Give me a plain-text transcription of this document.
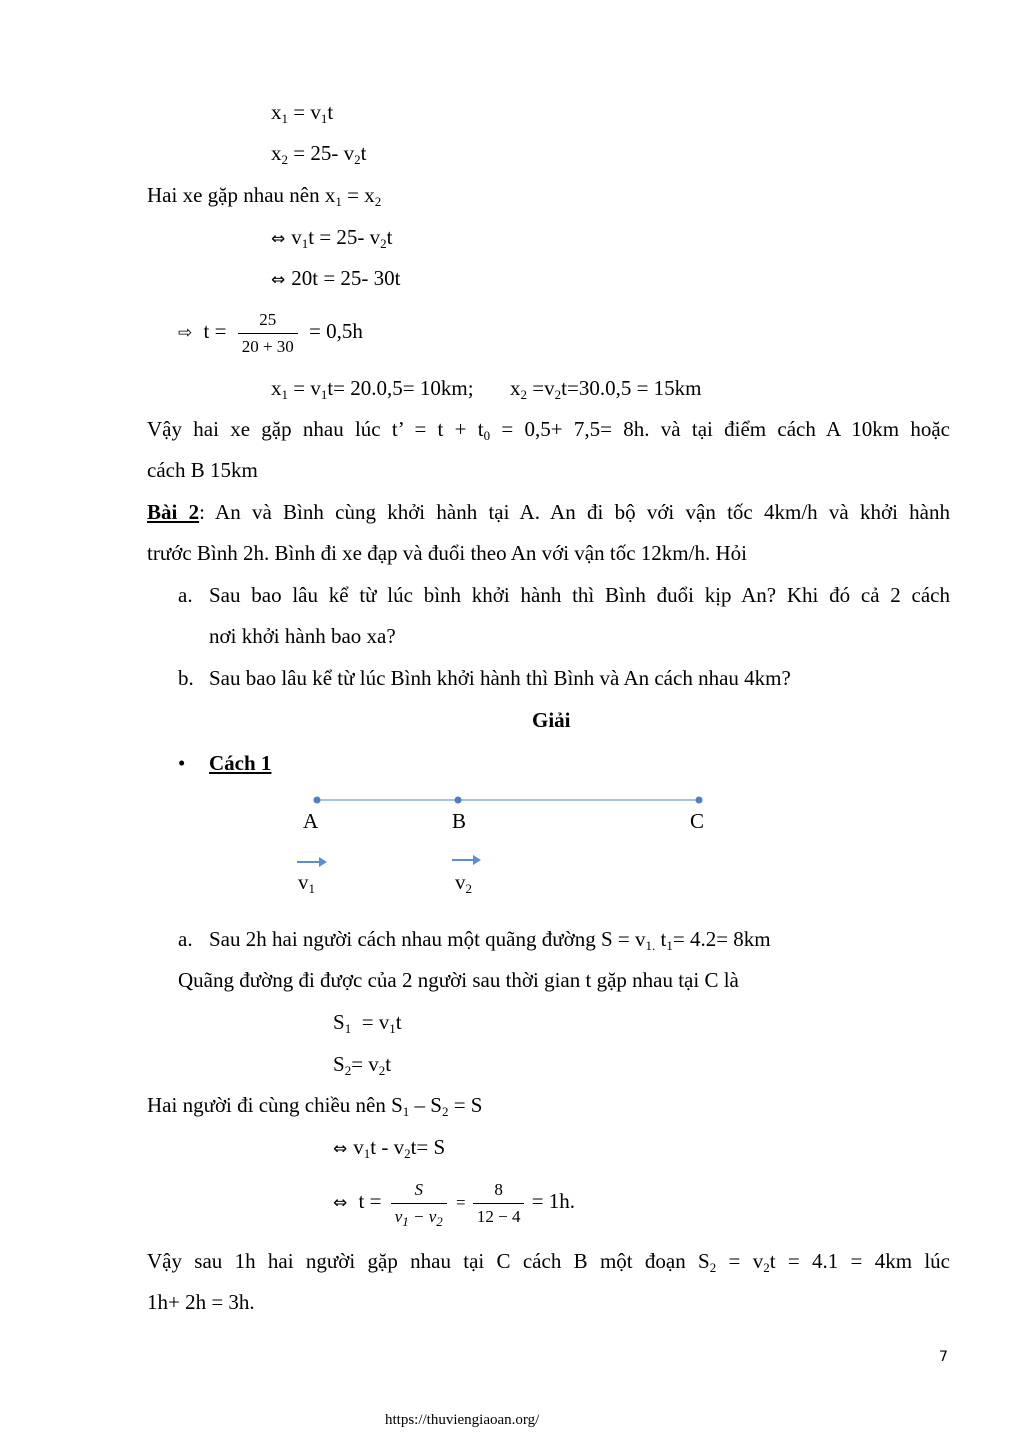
$x_1 = v_1t$
$x_2 = 25-$ $v_2t$
Hai xe gặp nhau nên $x_1 = x_2$
⇔ $v_1t = 25-$ $v_2t$
⇔ 20t = 25- 30t
⇨ $t = \frac{25}{20 + 30} = 0,5h$
$x_1 = v_1t= 20.0,5= 10km$; $x_2 =v_2t=30.0,5 = 15km$
Vậy hai xe gặp nhau lúc t’ = $t + t_0 = 0,5+ 7,5= 8h$. và tại điểm cách A 10km hoặc
cách B 15km
Bài 2: An và Bình cùng khởi hành tại A. An đi bộ với vận tốc 4km/h và khởi hành
trước Bình 2h. Bình đi xe đạp và đuổi theo An với vận tốc 12km/h. Hỏi
a. Sau bao lâu kể từ lúc bình khởi hành thì Bình đuổi kịp An? Khi đó cả 2 cách
nơi khởi hành bao xa?
b. Sau bao lâu kể từ lúc Bình khởi hành thì Bình và An cách nhau 4km?
Giải
• Cách 1
A	B	C
$v_1$	$v_2$
a. Sau 2h hai người cách nhau một quãng đường $S = v_{1.}$ $t_1= 4.2= 8km$
Quãng đường đi được của 2 người sau thời gian t gặp nhau tại C là
$S_1 = v_1t$
$S_2= v_2t$
Hai người đi cùng chiều nên $S_1 - S_2 = S$
⇔ $v_1t - v_2t= S$
⇔ $t = \frac{S}{v_1 - v_2} = \frac{8}{12 - 4} = 1h$.
Vậy sau 1h hai người gặp nhau tại C cách B một đoạn $S_2 = v_2t = 4.1 = 4km$ lúc
1h+ 2h = 3h.
7
https://thuviengiaoan.org/
